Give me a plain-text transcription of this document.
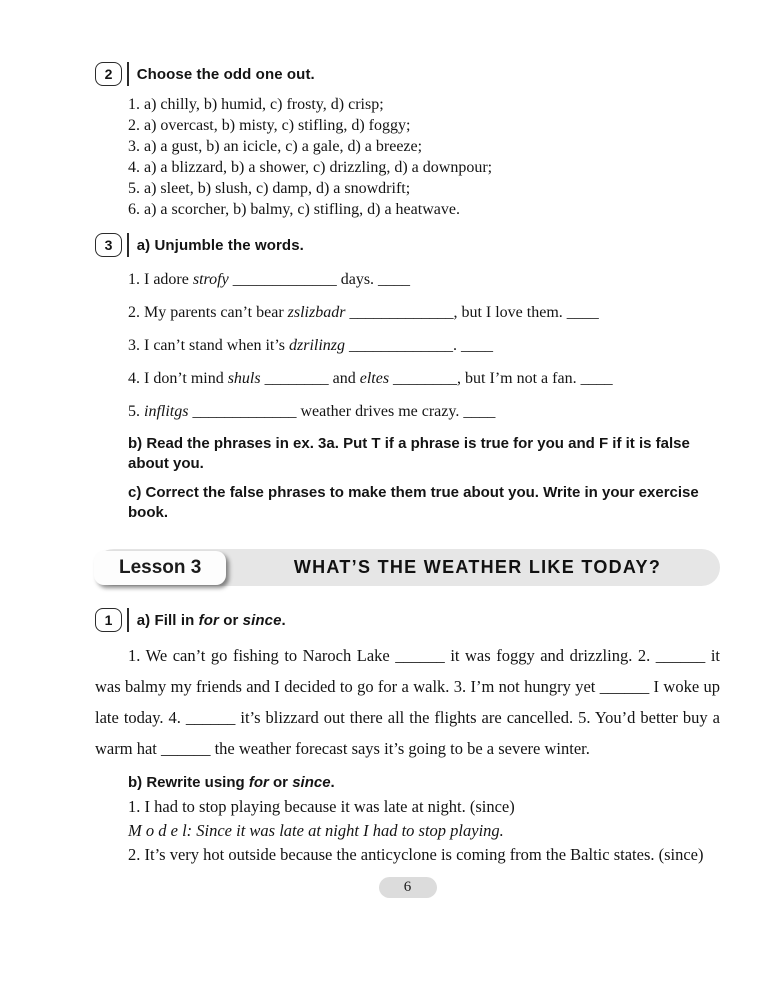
2	Choose the odd one out.

1. a) chilly, b) humid, c) frosty, d) crisp;

2. a) overcast, b) misty, c) stifling, d) foggy;

3. a) a gust, b) an icicle, c) a gale, d) a breeze;

4. a) a blizzard, b) a shower, c) drizzling, d) a downpour;

5. a) sleet, b) slush, c) damp, d) a snowdrift;

6. a) a scorcher, b) balmy, c) stifling, d) a heatwave.

3	a) Unjumble the words.

1. I adore strofy _____________ days. ____

2. My parents can’t bear zslizbadr _____________, but I love them. ____

3. I can’t stand when it’s dzrilinzg _____________. ____

4. I don’t mind shuls ________ and eltes ________, but I’m not a fan. ____

5. inflitgs _____________ weather drives me crazy. ____

b) Read the phrases in ex. 3a. Put T if a phrase is true for you and F if it is false about you.

c) Correct the false phrases to make them true about you. Write in your exercise book.

Lesson 3	WHAT’S THE WEATHER LIKE TODAY?
1	a) Fill in for or since.

1. We can’t go fishing to Naroch Lake ______ it was foggy and drizzling. 2. ______ it was balmy my friends and I decided to go for a walk. 3. I’m not hungry yet ______ I woke up late today. 4. ______ it’s blizzard out there all the flights are cancelled. 5. You’d better buy a warm hat ______ the weather forecast says it’s going to be a severe winter.

b) Rewrite using for or since.

1. I had to stop playing because it was late at night. (since)

M o d e l: Since it was late at night I had to stop playing.

2. It’s very hot outside because the anticyclone is coming from the Baltic states. (since)

6
